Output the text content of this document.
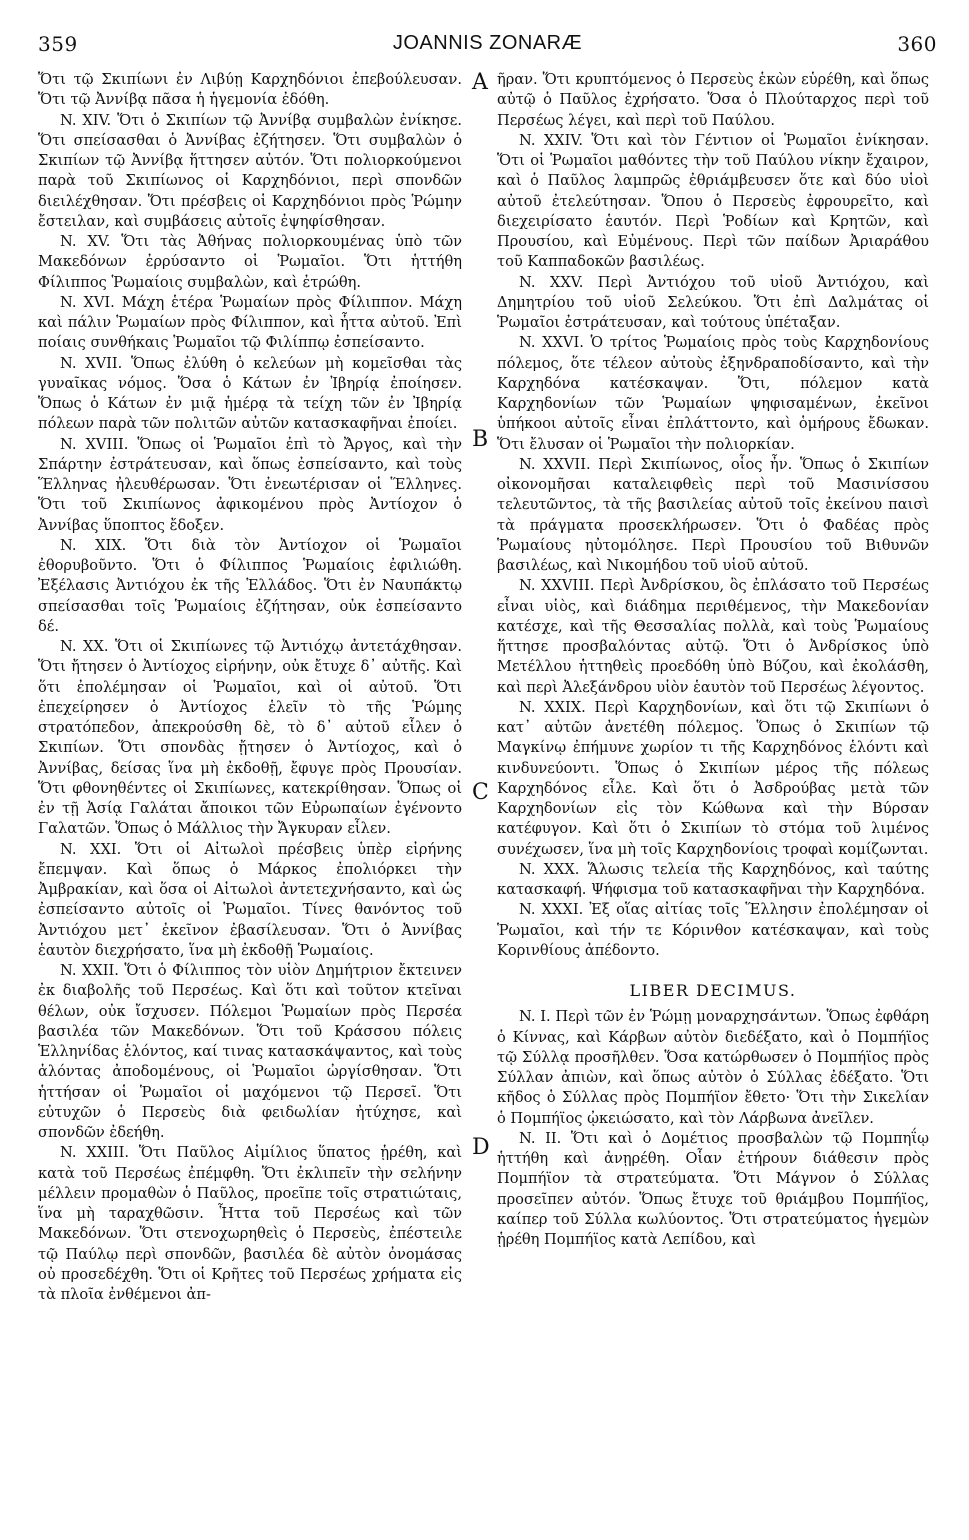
359	JOANNIS ZONARÆ	360
A
B
C
D

Ὅτι τῷ Σκιπίωνι ἐν Λιβύῃ Καρχηδόνιοι ἐπεβούλευσαν. Ὅτι τῷ Ἀννίβᾳ πᾶσα ἡ ἡγεμονία ἐδόθη.

N. XIV. Ὅτι ὁ Σκιπίων τῷ Ἀννίβᾳ συμβαλὼν ἐνίκησε. Ὅτι σπείσασθαι ὁ Ἀννίβας ἐζήτησεν. Ὅτι συμβαλὼν ὁ Σκιπίων τῷ Ἀννίβᾳ ἥττησεν αὐτόν. Ὅτι πολιορκούμενοι παρὰ τοῦ Σκιπίωνος οἱ Καρχηδόνιοι, περὶ σπονδῶν διειλέχθησαν. Ὅτι πρέσβεις οἱ Καρχηδόνιοι πρὸς Ῥώμην ἔστειλαν, καὶ συμβάσεις αὐτοῖς ἐψηφίσθησαν.

N. XV. Ὅτι τὰς Ἀθήνας πολιορκουμένας ὑπὸ τῶν Μακεδόνων ἐρρύσαντο οἱ Ῥωμαῖοι. Ὅτι ἡττήθη Φίλιππος Ῥωμαίοις συμβαλὼν, καὶ ἐτρώθη.

N. XVI. Μάχη ἑτέρα Ῥωμαίων πρὸς Φίλιππον. Μάχη καὶ πάλιν Ῥωμαίων πρὸς Φίλιππον, καὶ ἧττα αὐτοῦ. Ἐπὶ ποίαις συνθήκαις Ῥωμαῖοι τῷ Φιλίππῳ ἐσπείσαντο.

N. XVII. Ὅπως ἐλύθη ὁ κελεύων μὴ κομεῖσθαι τὰς γυναῖκας νόμος. Ὅσα ὁ Κάτων ἐν Ἰβηρίᾳ ἐποίησεν. Ὅπως ὁ Κάτων ἐν μιᾷ ἡμέρᾳ τὰ τείχη τῶν ἐν Ἰβηρίᾳ πόλεων παρὰ τῶν πολιτῶν αὐτῶν κατασκαφῆναι ἐποίει.

N. XVIII. Ὅπως οἱ Ῥωμαῖοι ἐπὶ τὸ Ἄργος, καὶ τὴν Σπάρτην ἐστράτευσαν, καὶ ὅπως ἐσπείσαντο, καὶ τοὺς Ἕλληνας ἠλευθέρωσαν. Ὅτι ἐνεωτέρισαν οἱ Ἕλληνες. Ὅτι τοῦ Σκιπίωνος ἀφικομένου πρὸς Ἀντίοχον ὁ Ἀννίβας ὕποπτος ἔδοξεν.

N. XIX. Ὅτι διὰ τὸν Ἀντίοχον οἱ Ῥωμαῖοι ἐθορυβοῦντο. Ὅτι ὁ Φίλιππος Ῥωμαίοις ἐφιλιώθη. Ἐξέλασις Ἀντιόχου ἐκ τῆς Ἑλλάδος. Ὅτι ἐν Ναυπάκτῳ σπείσασθαι τοῖς Ῥωμαίοις ἐζήτησαν, οὐκ ἐσπείσαντο δέ.

N. XX. Ὅτι οἱ Σκιπίωνες τῷ Ἀντιόχῳ ἀντετάχθησαν. Ὅτι ἤτησεν ὁ Ἀντίοχος εἰρήνην, οὐκ ἔτυχε δ᾽ αὐτῆς. Καὶ ὅτι ἐπολέμησαν οἱ Ῥωμαῖοι, καὶ οἱ αὐτοῦ. Ὅτι ἐπεχείρησεν ὁ Ἀντίοχος ἑλεῖν τὸ τῆς Ῥώμης στρατόπεδον, ἀπεκρούσθη δὲ, τὸ δ᾽ αὐτοῦ εἷλεν ὁ Σκιπίων. Ὅτι σπονδὰς ᾔτησεν ὁ Ἀντίοχος, καὶ ὁ Ἀννίβας, δείσας ἵνα μὴ ἐκδοθῇ, ἔφυγε πρὸς Προυσίαν. Ὅτι φθονηθέντες οἱ Σκιπίωνες, κατεκρίθησαν. Ὅπως οἱ ἐν τῇ Ἀσίᾳ Γαλάται ἄποικοι τῶν Εὐρωπαίων ἐγένοντο Γαλατῶν. Ὅπως ὁ Μάλλιος τὴν Ἄγκυραν εἷλεν.

N. XXI. Ὅτι οἱ Αἰτωλοὶ πρέσβεις ὑπὲρ εἰρήνης ἔπεμψαν. Καὶ ὅπως ὁ Μάρκος ἐπολιόρκει τὴν Ἀμβρακίαν, καὶ ὅσα οἱ Αἰτωλοὶ ἀντετεχνήσαντο, καὶ ὡς ἐσπείσαντο αὐτοῖς οἱ Ῥωμαῖοι. Τίνες θανόντος τοῦ Ἀντιόχου μετ᾽ ἐκεῖνον ἐβασίλευσαν. Ὅτι ὁ Ἀννίβας ἑαυτὸν διεχρήσατο, ἵνα μὴ ἐκδοθῇ Ῥωμαίοις.

N. XXII. Ὅτι ὁ Φίλιππος τὸν υἱὸν Δημήτριον ἔκτεινεν ἐκ διαβολῆς τοῦ Περσέως. Καὶ ὅτι καὶ τοῦτον κτεῖναι θέλων, οὐκ ἴσχυσεν. Πόλεμοι Ῥωμαίων πρὸς Περσέα βασιλέα τῶν Μακεδόνων. Ὅτι τοῦ Κράσσου πόλεις Ἑλληνίδας ἑλόντος, καί τινας κατασκάψαντος, καὶ τοὺς ἁλόντας ἀποδομένους, οἱ Ῥωμαῖοι ὠργίσθησαν. Ὅτι ἡττήσαν οἱ Ῥωμαῖοι οἱ μαχόμενοι τῷ Περσεῖ. Ὅτι εὐτυχῶν ὁ Περσεὺς διὰ φειδωλίαν ἠτύχησε, καὶ σπονδῶν ἐδεήθη.

N. XXIII. Ὅτι Παῦλος Αἰμίλιος ὕπατος ᾑρέθη, καὶ κατὰ τοῦ Περσέως ἐπέμφθη. Ὅτι ἐκλιπεῖν τὴν σελήνην μέλλειν προμαθὼν ὁ Παῦλος, προεῖπε τοῖς στρατιώταις, ἵνα μὴ ταραχθῶσιν. Ἧττα τοῦ Περσέως καὶ τῶν Μακεδόνων. Ὅτι στενοχωρηθεὶς ὁ Περσεὺς, ἐπέστειλε τῷ Παύλῳ περὶ σπονδῶν, βασιλέα δὲ αὐτὸν ὀνομάσας οὐ προσεδέχθη. Ὅτι οἱ Κρῆτες τοῦ Περσέως χρήματα εἰς τὰ πλοῖα ἐνθέμενοι ἀπ-

ῆραν. Ὅτι κρυπτόμενος ὁ Περσεὺς ἑκὼν εὑρέθη, καὶ ὅπως αὐτῷ ὁ Παῦλος ἐχρήσατο. Ὅσα ὁ Πλούταρχος περὶ τοῦ Περσέως λέγει, καὶ περὶ τοῦ Παύλου.

N. XXIV. Ὅτι καὶ τὸν Γέντιον οἱ Ῥωμαῖοι ἐνίκησαν. Ὅτι οἱ Ῥωμαῖοι μαθόντες τὴν τοῦ Παύλου νίκην ἔχαιρον, καὶ ὁ Παῦλος λαμπρῶς ἐθριάμβευσεν ὅτε καὶ δύο υἱοὶ αὐτοῦ ἐτελεύτησαν. Ὅπου ὁ Περσεὺς ἐφρουρεῖτο, καὶ διεχειρίσατο ἑαυτόν. Περὶ Ῥοδίων καὶ Κρητῶν, καὶ Προυσίου, καὶ Εὐμένους. Περὶ τῶν παίδων Ἀριαράθου τοῦ Καππαδοκῶν βασιλέως.

N. XXV. Περὶ Ἀντιόχου τοῦ υἱοῦ Ἀντιόχου, καὶ Δημητρίου τοῦ υἱοῦ Σελεύκου. Ὅτι ἐπὶ Δαλμάτας οἱ Ῥωμαῖοι ἐστράτευσαν, καὶ τούτους ὑπέταξαν.

N. XXVI. Ὁ τρίτος Ῥωμαίοις πρὸς τοὺς Καρχηδονίους πόλεμος, ὅτε τέλεον αὐτοὺς ἐξηνδραποδίσαντο, καὶ τὴν Καρχηδόνα κατέσκαψαν. Ὅτι, πόλεμον κατὰ Καρχηδονίων τῶν Ῥωμαίων ψηφισαμένων, ἐκεῖνοι ὑπήκοοι αὐτοῖς εἶναι ἐπλάττοντο, καὶ ὁμήρους ἔδωκαν. Ὅτι ἔλυσαν οἱ Ῥωμαῖοι τὴν πολιορκίαν.

N. XXVII. Περὶ Σκιπίωνος, οἷος ἦν. Ὅπως ὁ Σκιπίων οἰκονομῆσαι καταλειφθεὶς περὶ τοῦ Μασινίσσου τελευτῶντος, τὰ τῆς βασιλείας αὐτοῦ τοῖς ἐκείνου παισὶ τὰ πράγματα προσεκλήρωσεν. Ὅτι ὁ Φαδέας πρὸς Ῥωμαίους ηὐτομόλησε. Περὶ Προυσίου τοῦ Βιθυνῶν βασιλέως, καὶ Νικομήδου τοῦ υἱοῦ αὐτοῦ.

N. XXVIII. Περὶ Ἀνδρίσκου, ὃς ἐπλάσατο τοῦ Περσέως εἶναι υἱὸς, καὶ διάδημα περιθέμενος, τὴν Μακεδονίαν κατέσχε, καὶ τῆς Θεσσαλίας πολλὰ, καὶ τοὺς Ῥωμαίους ἥττησε προσβαλόντας αὐτῷ. Ὅτι ὁ Ἀνδρίσκος ὑπὸ Μετέλλου ἡττηθεὶς προεδόθη ὑπὸ Βύζου, καὶ ἐκολάσθη, καὶ περὶ Ἀλεξάνδρου υἱὸν ἑαυτὸν τοῦ Περσέως λέγοντος.

N. XXIX. Περὶ Καρχηδονίων, καὶ ὅτι τῷ Σκιπίωνι ὁ κατ᾽ αὐτῶν ἀνετέθη πόλεμος. Ὅπως ὁ Σκιπίων τῷ Μαγκίνῳ ἐπήμυνε χωρίον τι τῆς Καρχηδόνος ἑλόντι καὶ κινδυνεύοντι. Ὅπως ὁ Σκιπίων μέρος τῆς πόλεως Καρχηδόνος εἷλε. Καὶ ὅτι ὁ Ἀσδρούβας μετὰ τῶν Καρχηδονίων εἰς τὸν Κώθωνα καὶ τὴν Βύρσαν κατέφυγον. Καὶ ὅτι ὁ Σκιπίων τὸ στόμα τοῦ λιμένος συνέχωσεν, ἵνα μὴ τοῖς Καρχηδονίοις τροφαὶ κομίζωνται.

N. XXX. Ἅλωσις τελεία τῆς Καρχηδόνος, καὶ ταύτης κατασκαφή. Ψήφισμα τοῦ κατασκαφῆναι τὴν Καρχηδόνα.

N. XXXI. Ἐξ οἵας αἰτίας τοῖς Ἕλλησιν ἐπολέμησαν οἱ Ῥωμαῖοι, καὶ τήν τε Κόρινθον κατέσκαψαν, καὶ τοὺς Κορινθίους ἀπέδοντο.

LIBER DECIMUS.

N. I. Περὶ τῶν ἐν Ῥώμῃ μοναρχησάντων. Ὅπως ἐφθάρη ὁ Κίννας, καὶ Κάρβων αὐτὸν διεδέξατο, καὶ ὁ Πομπήϊος τῷ Σύλλᾳ προσῆλθεν. Ὅσα κατώρθωσεν ὁ Πομπήϊος πρὸς Σύλλαν ἀπιὼν, καὶ ὅπως αὐτὸν ὁ Σύλλας ἐδέξατο. Ὅτι κῆδος ὁ Σύλλας πρὸς Πομπήϊον ἔθετο· Ὅτι τὴν Σικελίαν ὁ Πομπήϊος ᾠκειώσατο, καὶ τὸν Λάρβωνα ἀνεῖλεν.

N. II. Ὅτι καὶ ὁ Δομέτιος προσβαλὼν τῷ Πομπηΐῳ ἡττήθη καὶ ἀνῃρέθη. Οἷαν ἐτήρουν διάθεσιν πρὸς Πομπήϊον τὰ στρατεύματα. Ὅτι Μάγνον ὁ Σύλλας προσεῖπεν αὐτόν. Ὅπως ἔτυχε τοῦ θριάμβου Πομπήϊος, καίπερ τοῦ Σύλλα κωλύοντος. Ὅτι στρατεύματος ἡγεμὼν ᾑρέθη Πομπήϊος κατὰ Λεπίδου, καὶ
